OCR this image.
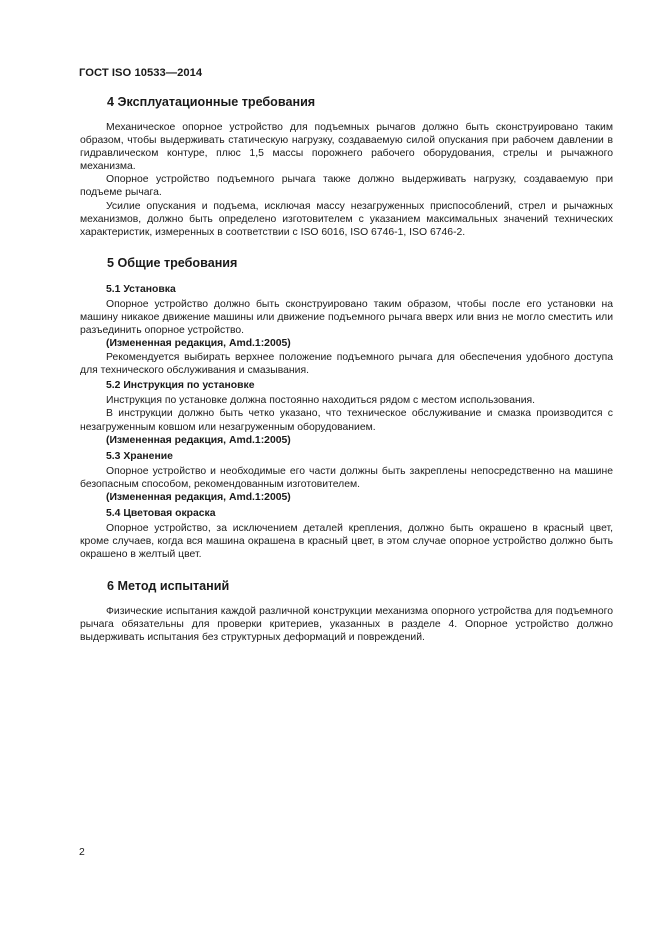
ГОСТ ISO 10533—2014
4 Эксплуатационные требования

Механическое опорное устройство для подъемных рычагов должно быть сконструировано таким образом, чтобы выдерживать статическую нагрузку, создаваемую силой опускания при рабочем давлении в гидравлическом контуре, плюс 1,5 массы порожнего рабочего оборудования, стрелы и рычажного механизма.

Опорное устройство подъемного рычага также должно выдерживать нагрузку, создаваемую при подъеме рычага.

Усилие опускания и подъема, исключая массу незагруженных приспособлений, стрел и рычажных механизмов, должно быть определено изготовителем с указанием максимальных значений технических характеристик, измеренных в соответствии с ISO 6016, ISO 6746-1, ISO 6746-2.

5 Общие требования
5.1 Установка

Опорное устройство должно быть сконструировано таким образом, чтобы после его установки на машину никакое движение машины или движение подъемного рычага вверх или вниз не могло сместить или разъединить опорное устройство.

(Измененная редакция, Amd.1:2005)

Рекомендуется выбирать верхнее положение подъемного рычага для обеспечения удобного доступа для технического обслуживания и смазывания.

5.2 Инструкция по установке

Инструкция по установке должна постоянно находиться рядом с местом использования.

В инструкции должно быть четко указано, что техническое обслуживание и смазка производится с незагруженным ковшом или незагруженным оборудованием.

(Измененная редакция, Amd.1:2005)
5.3 Хранение

Опорное устройство и необходимые его части должны быть закреплены непосредственно на машине безопасным способом, рекомендованным изготовителем.

(Измененная редакция, Amd.1:2005)
5.4 Цветовая окраска

Опорное устройство, за исключением деталей крепления, должно быть окрашено в красный цвет, кроме случаев, когда вся машина окрашена в красный цвет, в этом случае опорное устройство должно быть окрашено в желтый цвет.

6 Метод испытаний

Физические испытания каждой различной конструкции механизма опорного устройства для подъемного рычага обязательны для проверки критериев, указанных в разделе 4. Опорное устройство должно выдерживать испытания без структурных деформаций и повреждений.

2
